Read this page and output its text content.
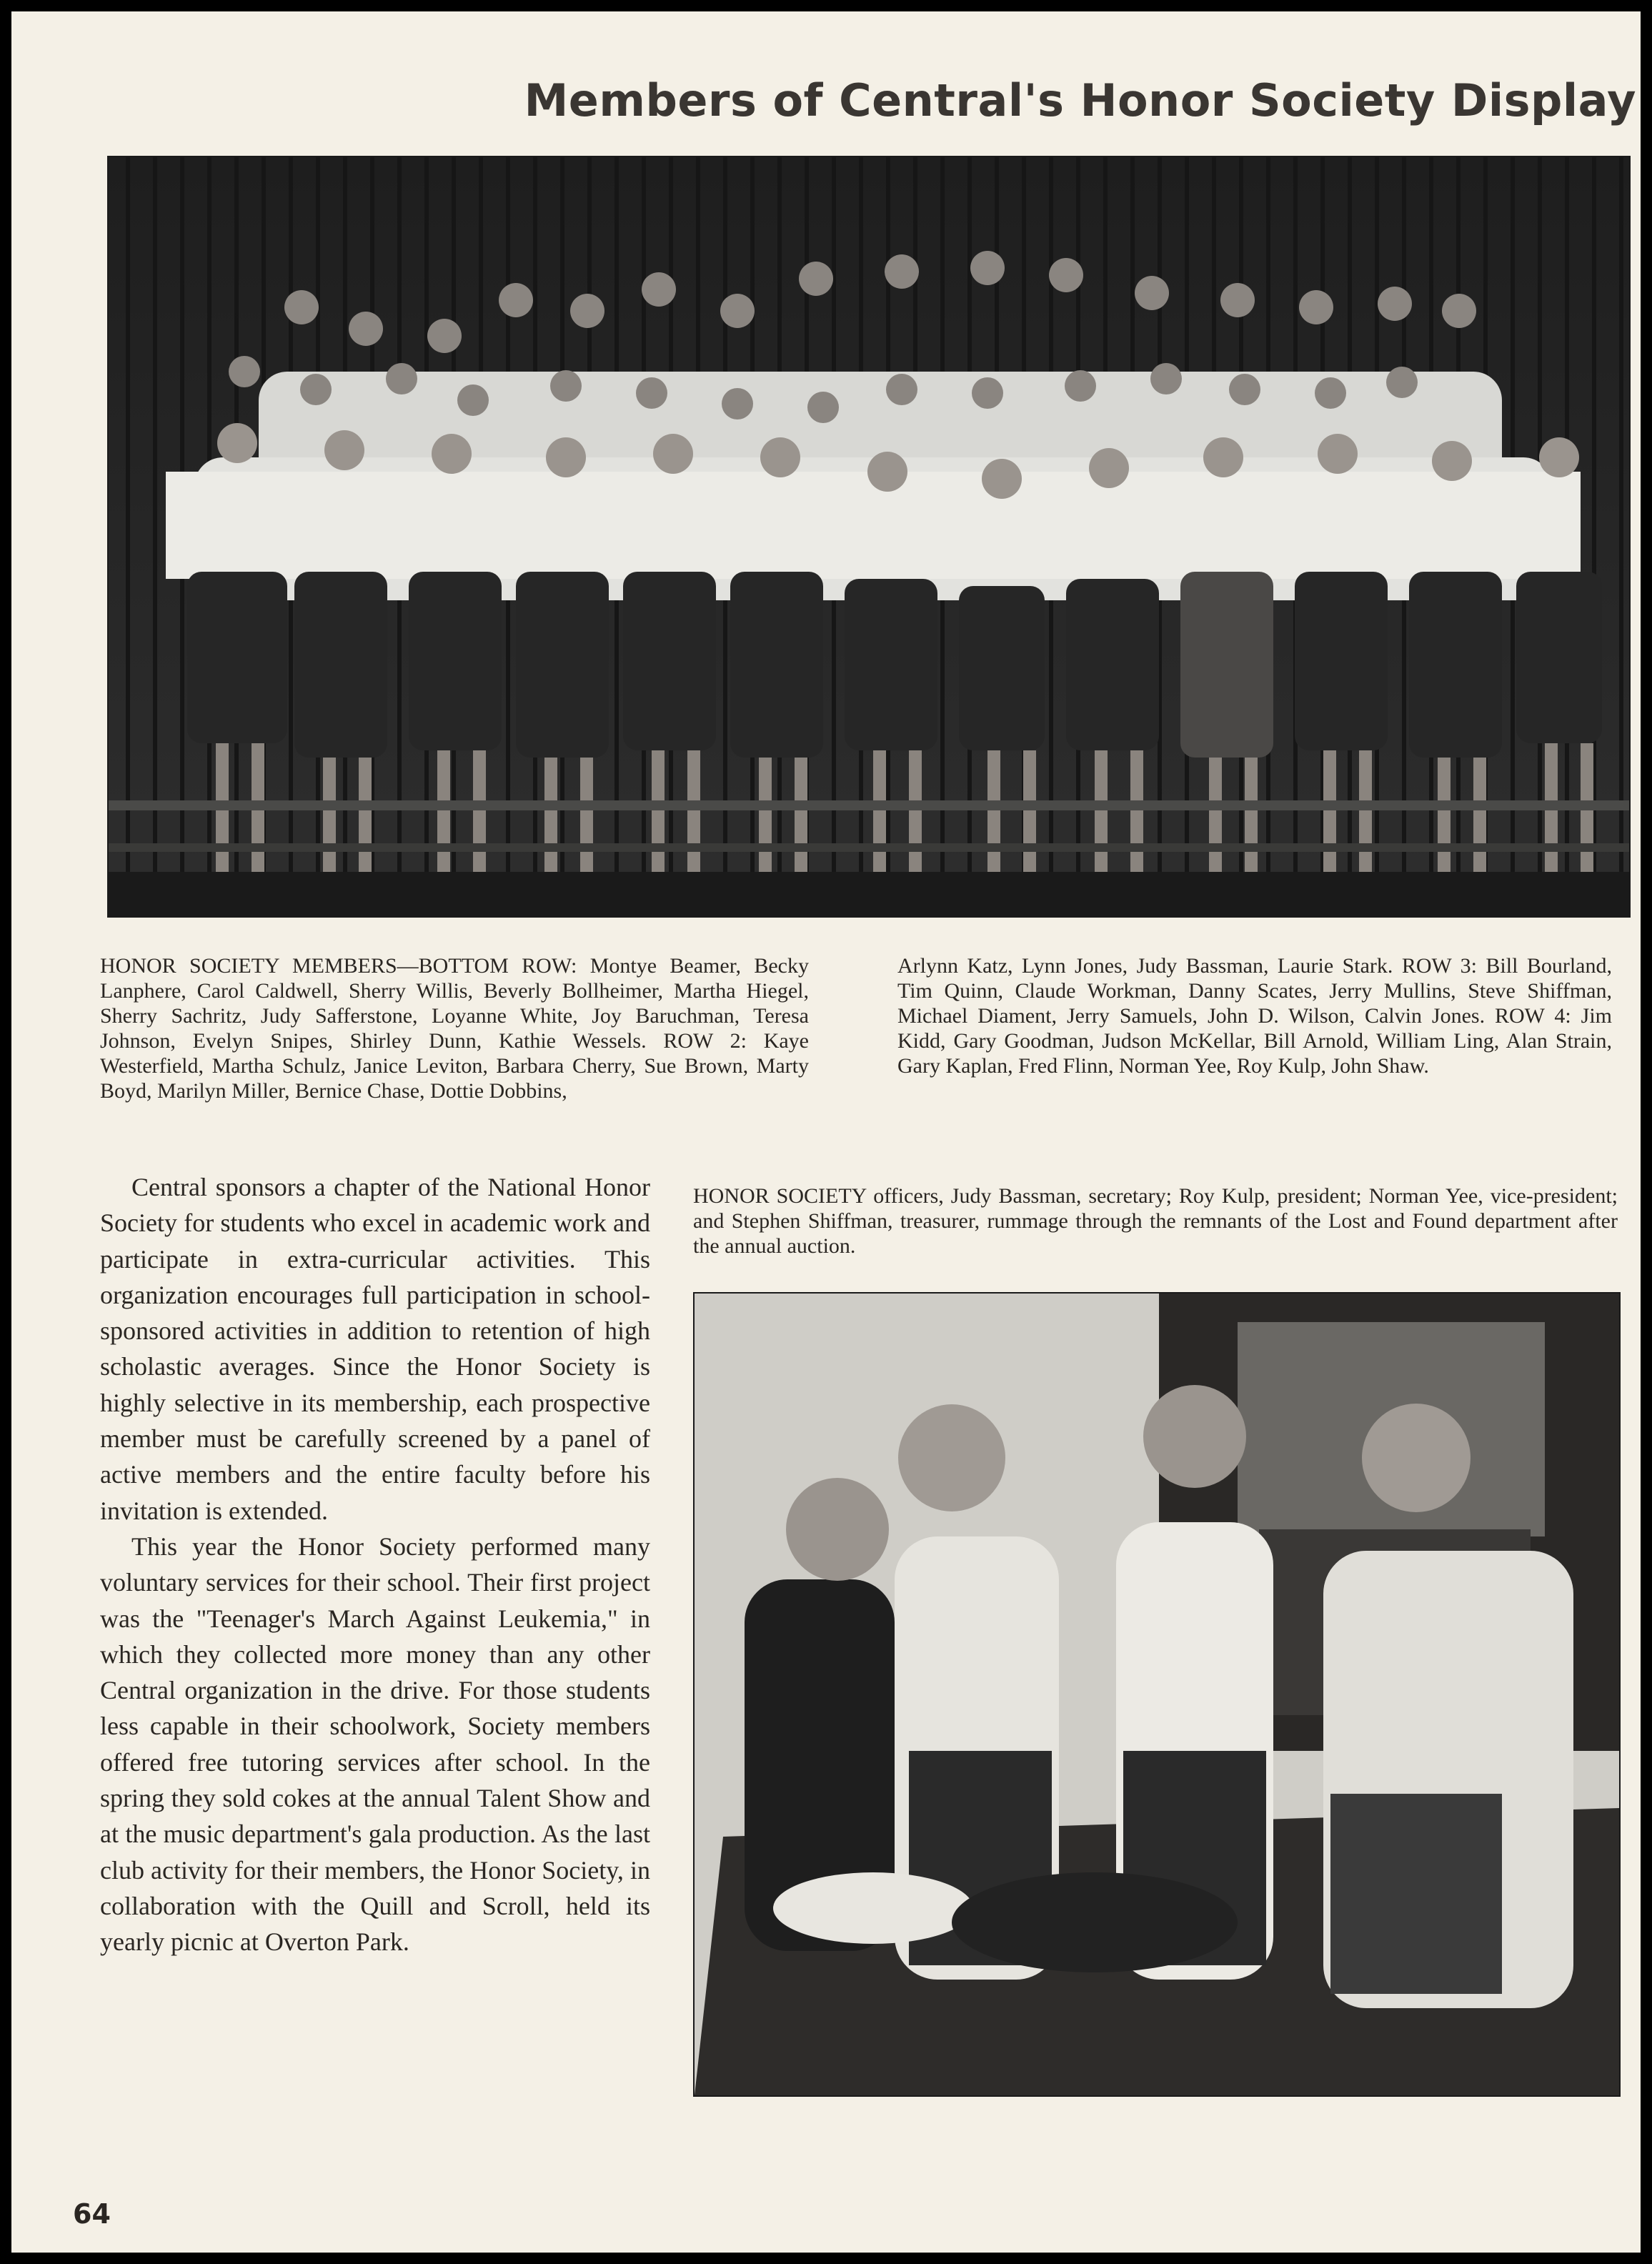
Members of Central's Honor Society Display
HONOR SOCIETY MEMBERS—BOTTOM ROW: Montye Beamer, Becky Lanphere, Carol Caldwell, Sherry Willis, Beverly Bollheimer, Martha Hiegel, Sherry Sachritz, Judy Safferstone, Loyanne White, Joy Baruchman, Teresa Johnson, Evelyn Snipes, Shirley Dunn, Kathie Wessels. ROW 2: Kaye Westerfield, Martha Schulz, Janice Leviton, Barbara Cherry, Sue Brown, Marty Boyd, Marilyn Miller, Bernice Chase, Dottie Dobbins,
Arlynn Katz, Lynn Jones, Judy Bassman, Laurie Stark. ROW 3: Bill Bourland, Tim Quinn, Claude Workman, Danny Scates, Jerry Mullins, Steve Shiffman, Michael Diament, Jerry Samuels, John D. Wilson, Calvin Jones. ROW 4: Jim Kidd, Gary Goodman, Judson McKellar, Bill Arnold, William Ling, Alan Strain, Gary Kaplan, Fred Flinn, Norman Yee, Roy Kulp, John Shaw.

Central sponsors a chapter of the National Honor Society for students who excel in academic work and participate in extra-curricular activities. This organization encourages full participation in school-sponsored activities in addition to retention of high scholastic averages. Since the Honor Society is highly selective in its membership, each prospective member must be carefully screened by a panel of active members and the entire faculty before his invitation is extended.

This year the Honor Society performed many voluntary services for their school. Their first project was the "Teenager's March Against Leukemia," in which they collected more money than any other Central organization in the drive. For those students less capable in their schoolwork, Society members offered free tutoring services after school. In the spring they sold cokes at the annual Talent Show and at the music department's gala production. As the last club activity for their members, the Honor Society, in collaboration with the Quill and Scroll, held its yearly picnic at Overton Park.

HONOR SOCIETY officers, Judy Bassman, secretary; Roy Kulp, president; Norman Yee, vice-president; and Stephen Shiffman, treasurer, rummage through the remnants of the Lost and Found department after the annual auction.
64
